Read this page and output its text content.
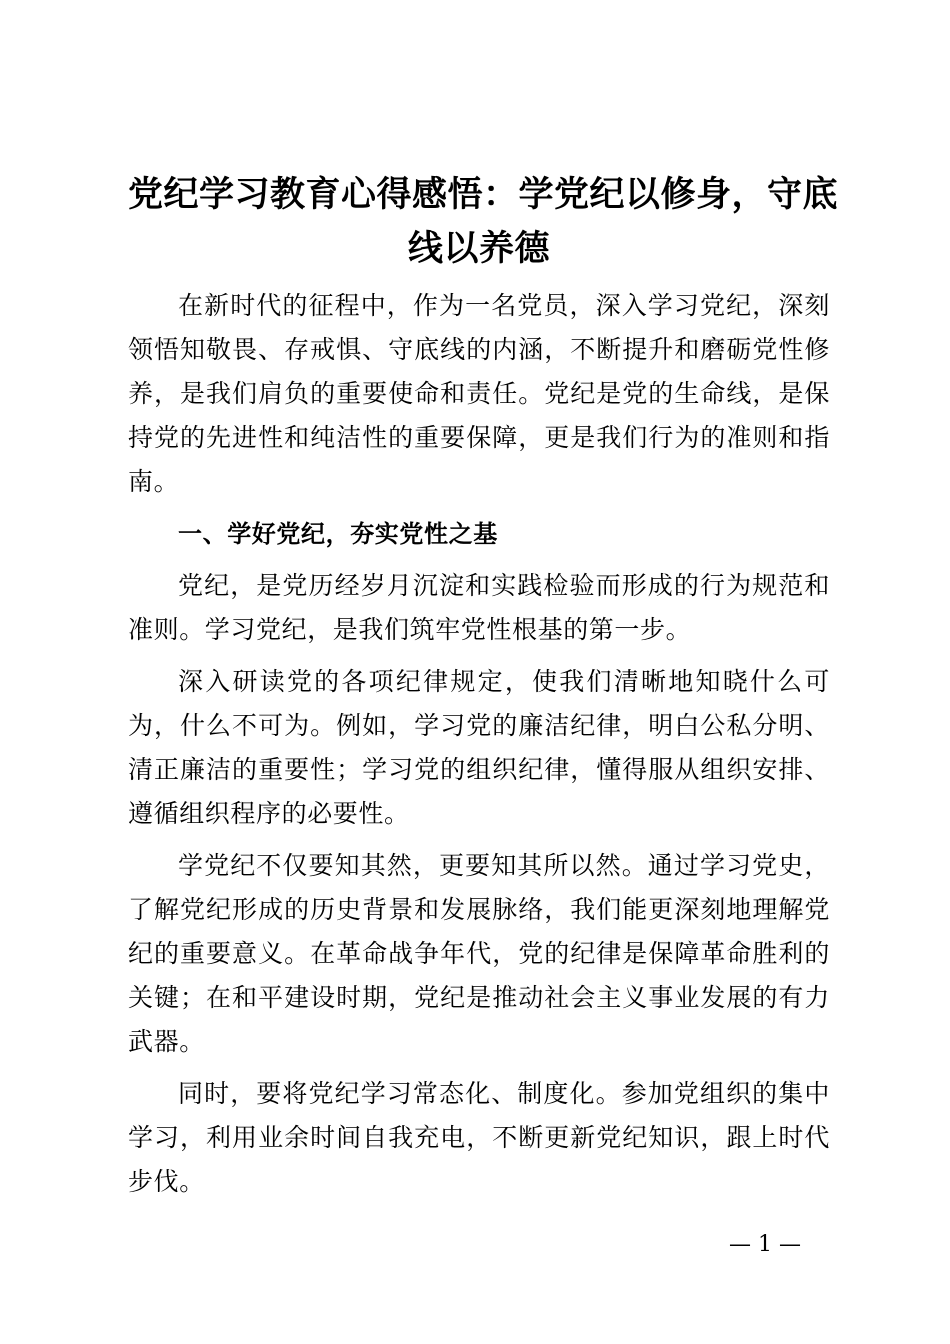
党纪学习教育心得感悟：学党纪以修身，守底
线以养德

在新时代的征程中，作为一名党员，深入学习党纪，深刻领悟知敬畏、存戒惧、守底线的内涵，不断提升和磨砺党性修养，是我们肩负的重要使命和责任。党纪是党的生命线，是保持党的先进性和纯洁性的重要保障，更是我们行为的准则和指南。

一、学好党纪，夯实党性之基

党纪，是党历经岁月沉淀和实践检验而形成的行为规范和准则。学习党纪，是我们筑牢党性根基的第一步。

深入研读党的各项纪律规定，使我们清晰地知晓什么可为，什么不可为。例如，学习党的廉洁纪律，明白公私分明、清正廉洁的重要性；学习党的组织纪律，懂得服从组织安排、遵循组织程序的必要性。

学党纪不仅要知其然，更要知其所以然。通过学习党史，了解党纪形成的历史背景和发展脉络，我们能更深刻地理解党纪的重要意义。在革命战争年代，党的纪律是保障革命胜利的关键；在和平建设时期，党纪是推动社会主义事业发展的有力武器。

同时，要将党纪学习常态化、制度化。参加党组织的集中学习，利用业余时间自我充电，不断更新党纪知识，跟上时代步伐。

— 1 —
